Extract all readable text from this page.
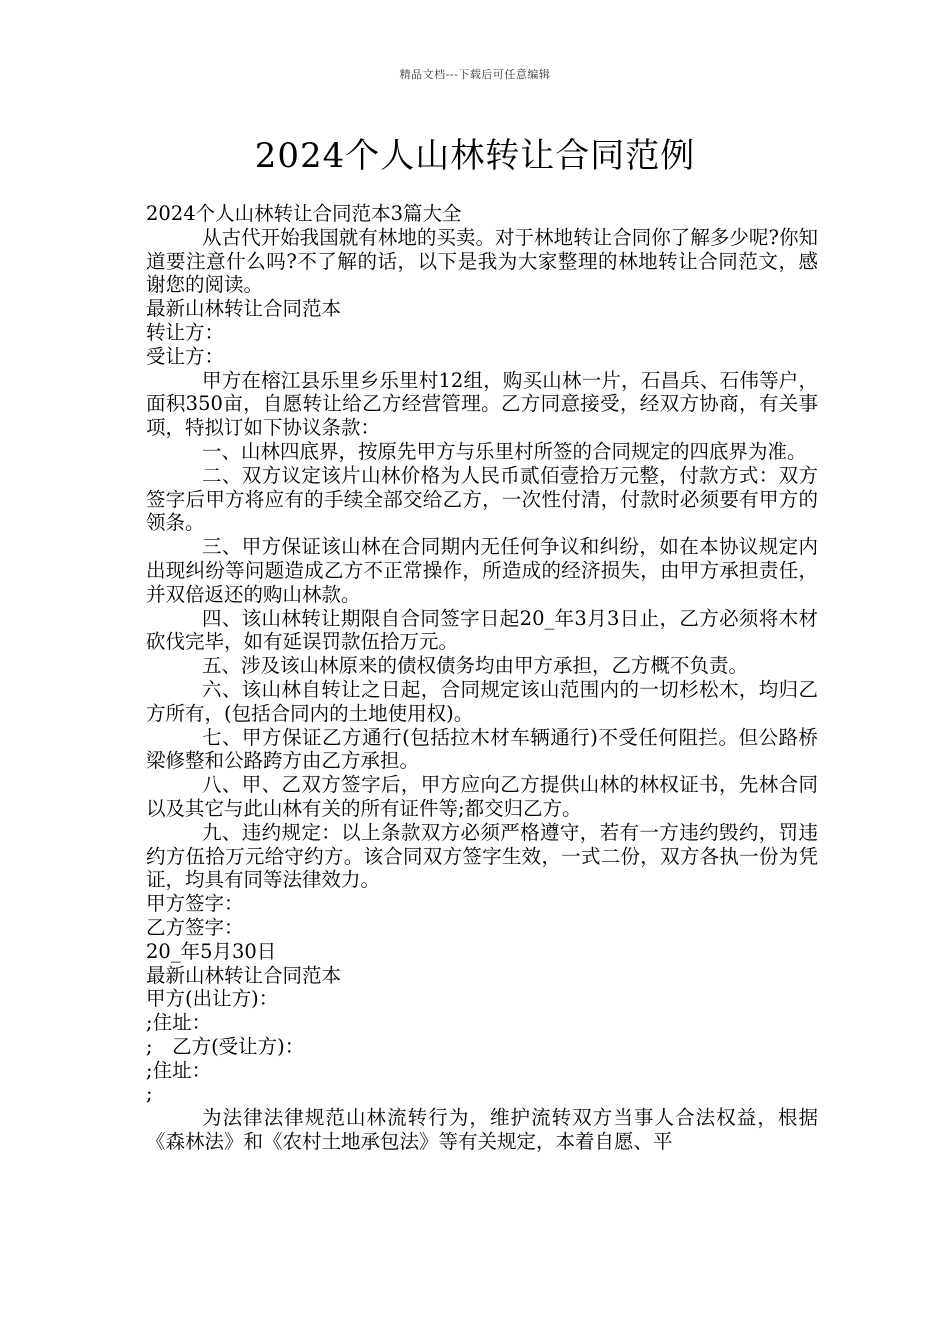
精品文档---下载后可任意编辑
2024个人山林转让合同范例

2024个人山林转让合同范本3篇大全

从古代开始我国就有林地的买卖。对于林地转让合同你了解多少呢?你知道要注意什么吗?不了解的话，以下是我为大家整理的林地转让合同范文，感谢您的阅读。

最新山林转让合同范本

转让方：

受让方：

甲方在榕江县乐里乡乐里村12组，购买山林一片，石昌兵、石伟等户，面积350亩，自愿转让给乙方经营管理。乙方同意接受，经双方协商，有关事项，特拟订如下协议条款：

一、山林四底界，按原先甲方与乐里村所签的合同规定的四底界为准。

二、双方议定该片山林价格为人民币贰佰壹拾万元整，付款方式：双方签字后甲方将应有的手续全部交给乙方，一次性付清，付款时必须要有甲方的领条。

三、甲方保证该山林在合同期内无任何争议和纠纷，如在本协议规定内出现纠纷等问题造成乙方不正常操作，所造成的经济损失，由甲方承担责任，并双倍返还的购山林款。

四、该山林转让期限自合同签字日起20_年3月3日止，乙方必须将木材砍伐完毕，如有延误罚款伍拾万元。

五、涉及该山林原来的债权债务均由甲方承担，乙方概不负责。

六、该山林自转让之日起，合同规定该山范围内的一切杉松木，均归乙方所有，(包括合同内的土地使用权)。

七、甲方保证乙方通行(包括拉木材车辆通行)不受任何阻拦。但公路桥梁修整和公路跨方由乙方承担。

八、甲、乙双方签字后，甲方应向乙方提供山林的林权证书，先林合同以及其它与此山林有关的所有证件等;都交归乙方。

九、违约规定：以上条款双方必须严格遵守，若有一方违约毁约，罚违约方伍拾万元给守约方。该合同双方签字生效，一式二份，双方各执一份为凭证，均具有同等法律效力。

甲方签字：

乙方签字：

20_年5月30日

最新山林转让合同范本

甲方(出让方)：

;住址：

;　乙方(受让方)：

;住址：

;

为法律法律规范山林流转行为，维护流转双方当事人合法权益，根据《森林法》和《农村土地承包法》等有关规定，本着自愿、平
